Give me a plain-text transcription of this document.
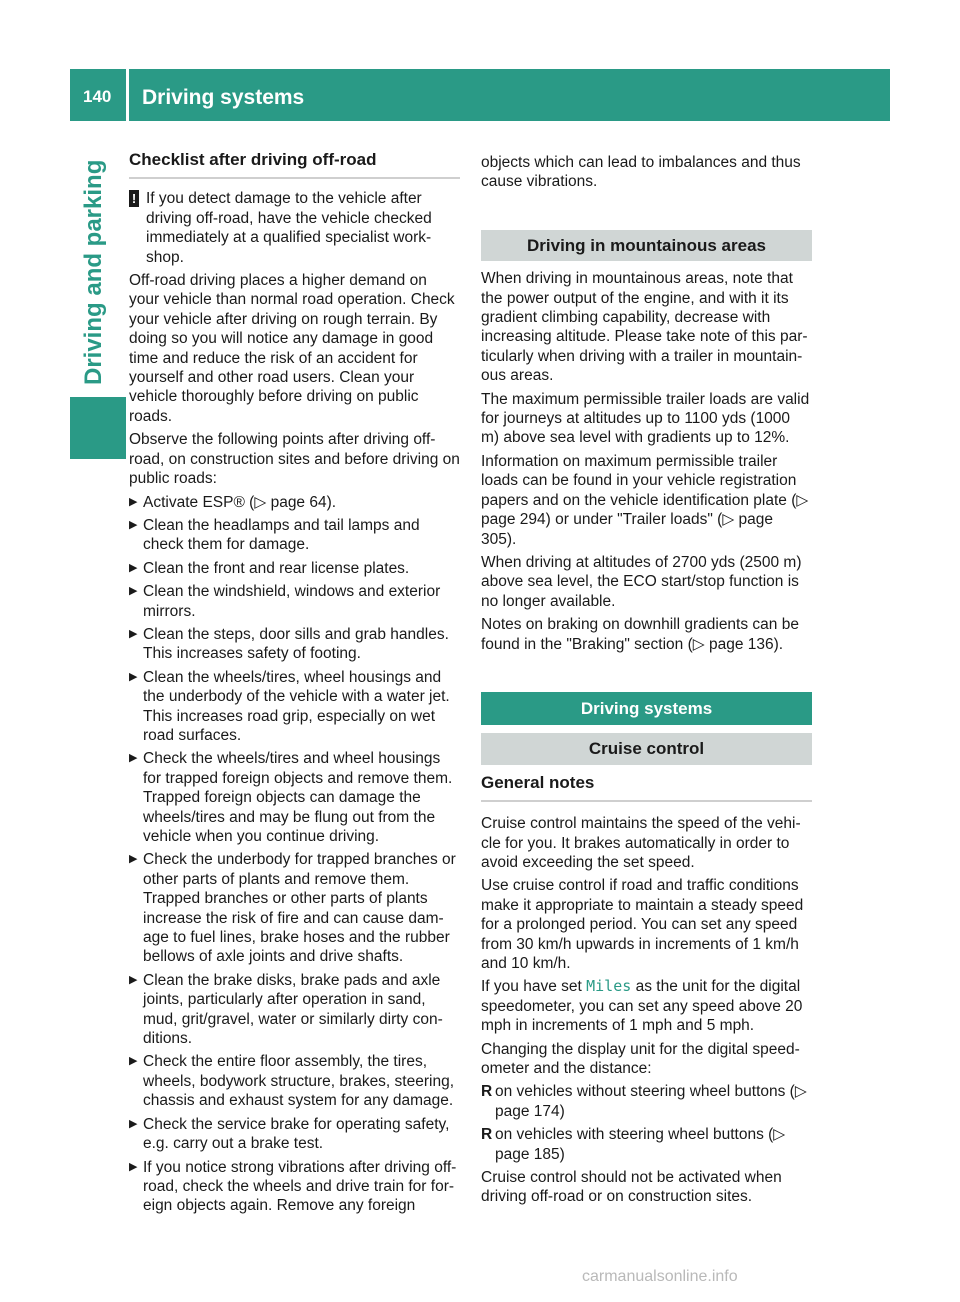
140	Driving systems
Driving and parking
Checklist after driving off-road
! If you detect damage to the vehicle after driving off-road, have the vehicle checked immediately at a qualified specialist work-shop.

Off-road driving places a higher demand on your vehicle than normal road operation. Check your vehicle after driving on rough terrain. By doing so you will notice any damage in good time and reduce the risk of an accident for yourself and other road users. Clean your vehicle thoroughly before driving on public roads.

Observe the following points after driving off-road, on construction sites and before driving on public roads:

▶ Activate ESP® (▷ page 64).
▶ Clean the headlamps and tail lamps and check them for damage.
▶ Clean the front and rear license plates.
▶ Clean the windshield, windows and exterior mirrors.
▶ Clean the steps, door sills and grab handles. This increases safety of footing.
▶ Clean the wheels/tires, wheel housings and the underbody of the vehicle with a water jet. This increases road grip, especially on wet road surfaces.
▶ Check the wheels/tires and wheel housings for trapped foreign objects and remove them. Trapped foreign objects can damage the wheels/tires and may be flung out from the vehicle when you continue driving.
▶ Check the underbody for trapped branches or other parts of plants and remove them. Trapped branches or other parts of plants increase the risk of fire and can cause dam-age to fuel lines, brake hoses and the rubber bellows of axle joints and drive shafts.
▶ Clean the brake disks, brake pads and axle joints, particularly after operation in sand, mud, grit/gravel, water or similarly dirty con-ditions.
▶ Check the entire floor assembly, the tires, wheels, bodywork structure, brakes, steering, chassis and exhaust system for any damage.
▶ Check the service brake for operating safety, e.g. carry out a brake test.
▶ If you notice strong vibrations after driving off-road, check the wheels and drive train for for-eign objects again. Remove any foreign

objects which can lead to imbalances and thus cause vibrations.

Driving in mountainous areas

When driving in mountainous areas, note that the power output of the engine, and with it its gradient climbing capability, decrease with increasing altitude. Please take note of this par-ticularly when driving with a trailer in mountain-ous areas.

The maximum permissible trailer loads are valid for journeys at altitudes up to 1100 yds (1000 m) above sea level with gradients up to 12%.

Information on maximum permissible trailer loads can be found in your vehicle registration papers and on the vehicle identification plate (▷ page 294) or under "Trailer loads" (▷ page 305).

When driving at altitudes of 2700 yds (2500 m) above sea level, the ECO start/stop function is no longer available.

Notes on braking on downhill gradients can be found in the "Braking" section (▷ page 136).

Driving systems
Cruise control
General notes

Cruise control maintains the speed of the vehi-cle for you. It brakes automatically in order to avoid exceeding the set speed.

Use cruise control if road and traffic conditions make it appropriate to maintain a steady speed for a prolonged period. You can set any speed from 30 km/h upwards in increments of 1 km/h and 10 km/h.

If you have set Miles as the unit for the digital speedometer, you can set any speed above 20 mph in increments of 1 mph and 5 mph.

Changing the display unit for the digital speed-ometer and the distance:

R on vehicles without steering wheel buttons (▷ page 174)
R on vehicles with steering wheel buttons (▷ page 185)

Cruise control should not be activated when driving off-road or on construction sites.

carmanualsonline.info
